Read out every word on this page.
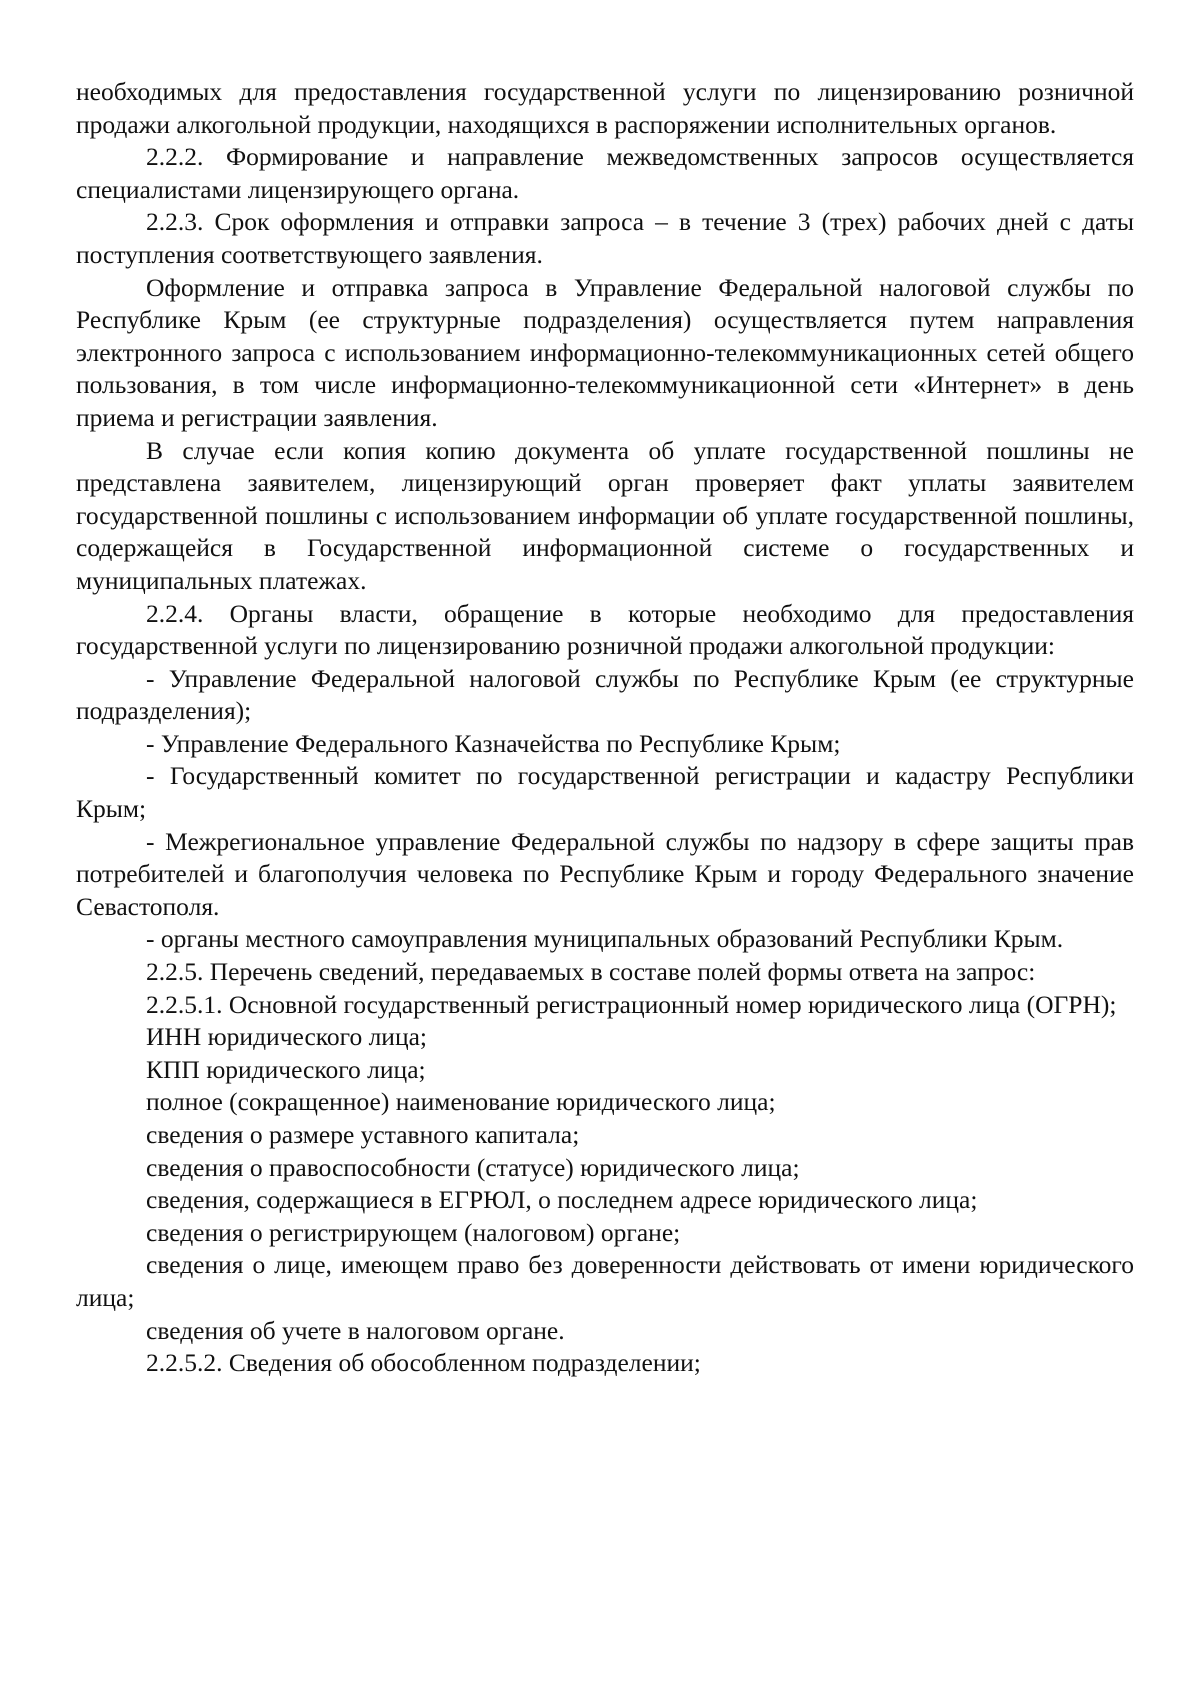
необходимых для предоставления государственной услуги по лицензированию розничной продажи алкогольной продукции, находящихся в распоряжении исполнительных органов.

2.2.2. Формирование и направление межведомственных запросов осуществляется специалистами лицензирующего органа.

2.2.3. Срок оформления и отправки запроса – в течение 3 (трех) рабочих дней с даты поступления соответствующего заявления.

Оформление и отправка запроса в Управление Федеральной налоговой службы по Республике Крым (ее структурные подразделения) осуществляется путем направления электронного запроса с использованием информационно-телекоммуникационных сетей общего пользования, в том числе информационно-телекоммуникационной сети «Интернет» в день приема и регистрации заявления.

В случае если копия копию документа об уплате государственной пошлины не представлена заявителем, лицензирующий орган проверяет факт уплаты заявителем государственной пошлины с использованием информации об уплате государственной пошлины, содержащейся в Государственной информационной системе о государственных и муниципальных платежах.

2.2.4. Органы власти, обращение в которые необходимо для предоставления государственной услуги по лицензированию розничной продажи алкогольной продукции:

- Управление Федеральной налоговой службы по Республике Крым (ее структурные подразделения);

- Управление Федерального Казначейства по Республике Крым;

- Государственный комитет по государственной регистрации и кадастру Республики Крым;

- Межрегиональное управление Федеральной службы по надзору в сфере защиты прав потребителей и благополучия человека по Республике Крым и городу Федерального значение Севастополя.

- органы местного самоуправления муниципальных образований Республики Крым.

2.2.5. Перечень сведений, передаваемых в составе полей формы ответа на запрос:

2.2.5.1. Основной государственный регистрационный номер юридического лица (ОГРН);

ИНН юридического лица;

КПП юридического лица;

полное (сокращенное) наименование юридического лица;

сведения о размере уставного капитала;

сведения о правоспособности (статусе) юридического лица;

сведения, содержащиеся в ЕГРЮЛ, о последнем адресе юридического лица;

сведения о регистрирующем (налоговом) органе;

сведения о лице, имеющем право без доверенности действовать от имени юридического лица;

сведения об учете в налоговом органе.

2.2.5.2. Сведения об обособленном подразделении;
